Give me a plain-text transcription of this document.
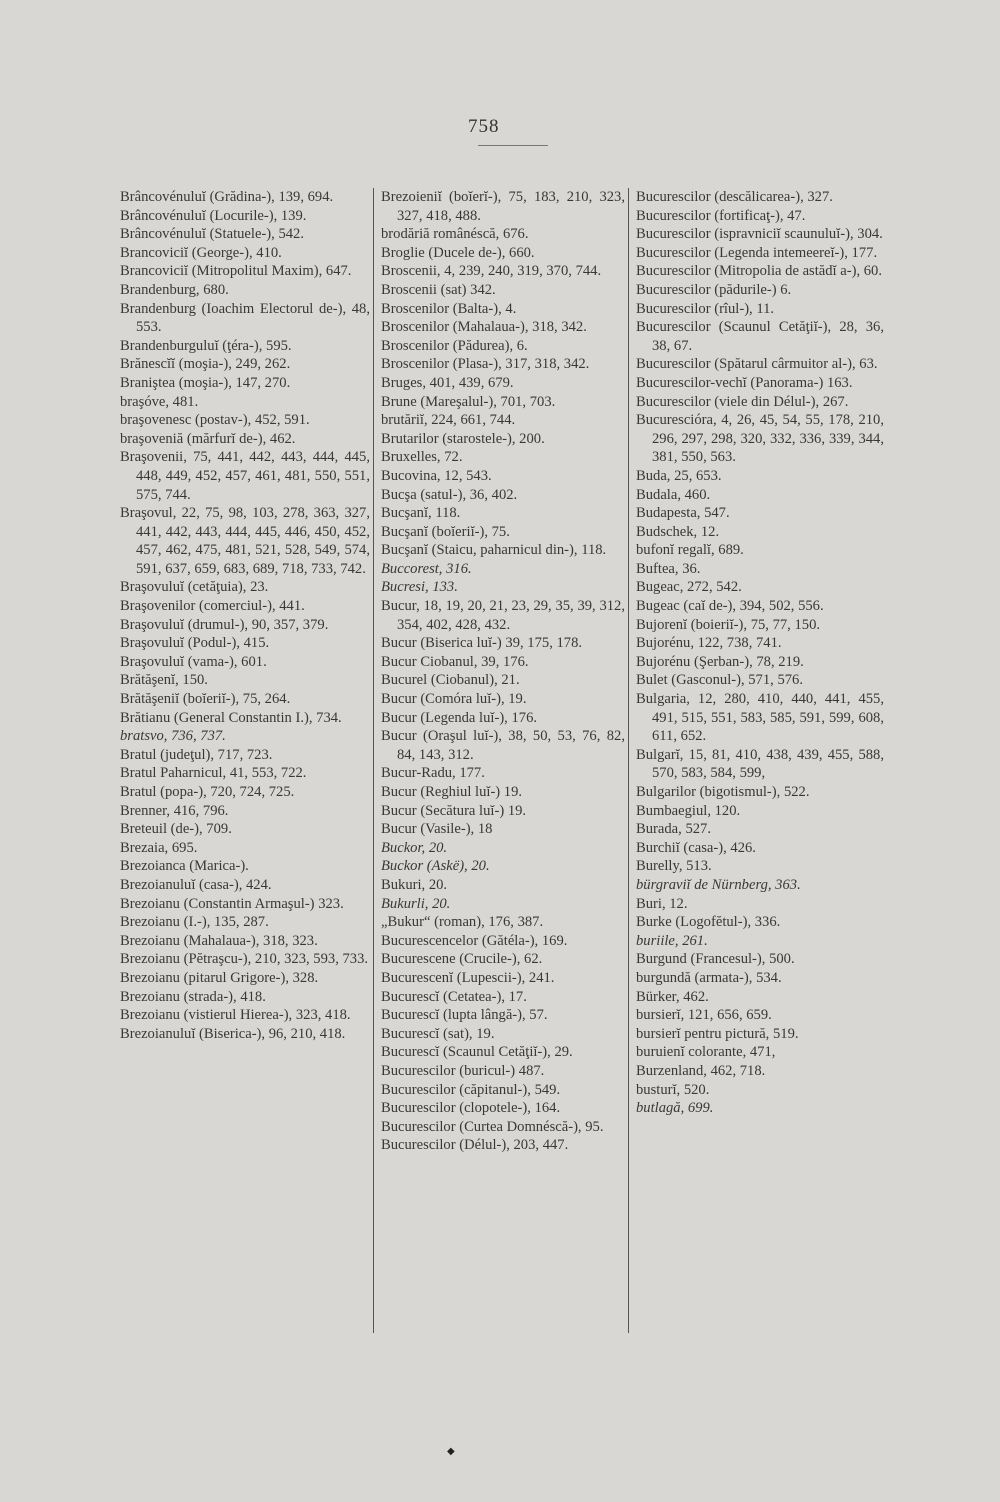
758
Brâncovénuluĭ (Grădina-), 139, 694.
Brâncovénuluĭ (Locurile-), 139.
Brâncovénuluĭ (Statuele-), 542.
Brancoviciĭ (George-), 410.
Brancoviciĭ (Mitropolitul Maxim), 647.
Brandenburg, 680.
Brandenburg (Ioachim Electorul de-), 48, 553.
Brandenburguluĭ (ţéra-), 595.
Brănescĭĭ (moşia-), 249, 262.
Branişteа (moşia-), 147, 270.
braşóve, 481.
braşovenesc (postav-), 452, 591.
braşoveniă (mărfurĭ de-), 462.
Braşovenii, 75, 441, 442, 443, 444, 445, 448, 449, 452, 457, 461, 481, 550, 551, 575, 744.
Braşovul, 22, 75, 98, 103, 278, 363, 327, 441, 442, 443, 444, 445, 446, 450, 452, 457, 462, 475, 481, 521, 528, 549, 574, 591, 637, 659, 683, 689, 718, 733, 742.
Braşovuluĭ (cetăţuia), 23.
Braşovenilor (comerciul-), 441.
Braşovuluĭ (drumul-), 90, 357, 379.
Braşovuluĭ (Podul-), 415.
Braşovuluĭ (vama-), 601.
Brătăşenĭ, 150.
Brătăşeniĭ (boĭeriĭ-), 75, 264.
Brătianu (General Constantin I.), 734.
bratsvo, 736, 737.
Bratul (judeţul), 717, 723.
Bratul Paharnicul, 41, 553, 722.
Bratul (popa-), 720, 724, 725.
Brenner, 416, 796.
Breteuil (de-), 709.
Brezaia, 695.
Brezoianca (Marica-).
Brezoianuluĭ (casa-), 424.
Brezoianu (Constantin Armaşul-) 323.
Brezoianu (I.-), 135, 287.
Brezoianu (Mahalaua-), 318, 323.
Brezoianu (Pĕtraşcu-), 210, 323, 593, 733.
Brezoianu (pitarul Grigore-), 328.
Brezoianu (strada-), 418.
Brezoianu (vistierul Hierea-), 323, 418.
Brezoianuluĭ (Biserica-), 96, 210, 418.
Brezoieniĭ (boĭerĭ-), 75, 183, 210, 323, 327, 418, 488.
brodăriă românéscă, 676.
Broglie (Ducele de-), 660.
Broscenii, 4, 239, 240, 319, 370, 744.
Broscenii (sat) 342.
Broscenilor (Balta-), 4.
Broscenilor (Mahalaua-), 318, 342.
Broscenilor (Pădurea), 6.
Broscenilor (Plasa-), 317, 318, 342.
Bruges, 401, 439, 679.
Brune (Mareşalul-), 701, 703.
brutăriĭ, 224, 661, 744.
Brutarilor (starostele-), 200.
Bruxelles, 72.
Bucovina, 12, 543.
Bucşa (satul-), 36, 402.
Bucşanĭ, 118.
Bucşanĭ (boĭeriĭ-), 75.
Bucşanĭ (Staicu, paharnicul din-), 118.
Buccorest, 316.
Bucresi, 133.
Bucur, 18, 19, 20, 21, 23, 29, 35, 39, 312, 354, 402, 428, 432.
Bucur (Biserica luĭ-) 39, 175, 178.
Bucur Ciobanul, 39, 176.
Bucurel (Ciobanul), 21.
Bucur (Comóra luĭ-), 19.
Bucur (Legenda luĭ-), 176.
Bucur (Oraşul luĭ-), 38, 50, 53, 76, 82, 84, 143, 312.
Bucur-Radu, 177.
Bucur (Reghiul luĭ-) 19.
Bucur (Secătura luĭ-) 19.
Bucur (Vasile-), 18
Buckor, 20.
Buckor (Askë), 20.
Bukuri, 20.
Bukurli, 20.
„Bukur“ (roman), 176, 387.
Bucurescencelor (Gătéla-), 169.
Bucurescene (Crucile-), 62.
Bucurescenĭ (Lupescii-), 241.
Bucurescĭ (Cetatea-), 17.
Bucurescĭ (lupta lângă-), 57.
Bucurescĭ (sat), 19.
Bucurescĭ (Scaunul Cetăţiĭ-), 29.
Bucurescilor (buricul-) 487.
Bucurescilor (căpitanul-), 549.
Bucurescilor (clopotele-), 164.
Bucurescilor (Curtea Domnéscă-), 95.
Bucurescilor (Délul-), 203, 447.
Bucurescilor (descălicarea-), 327.
Bucurescilor (fortificaţ-), 47.
Bucurescilor (ispravniciĭ scaunuluĭ-), 304.
Bucurescilor (Legenda intemeereĭ-), 177.
Bucurescilor (Mitropolia de astădĭ a-), 60.
Bucurescilor (pădurile-) 6.
Bucurescilor (rîul-), 11.
Bucurescilor (Scaunul Cetăţiĭ-), 28, 36, 38, 67.
Bucurescilor (Spătarul cârmuitor al-), 63.
Bucurescilor-vechĭ (Panorama-) 163.
Bucurescilor (viele din Délul-), 267.
Bucurescióra, 4, 26, 45, 54, 55, 178, 210, 296, 297, 298, 320, 332, 336, 339, 344, 381, 550, 563.
Buda, 25, 653.
Budala, 460.
Budapesta, 547.
Budschek, 12.
bufonĭ regalĭ, 689.
Buftea, 36.
Bugeac, 272, 542.
Bugeac (caĭ de-), 394, 502, 556.
Bujorenĭ (boieriĭ-), 75, 77, 150.
Bujorénu, 122, 738, 741.
Bujorénu (Şerban-), 78, 219.
Bulet (Gasconul-), 571, 576.
Bulgaria, 12, 280, 410, 440, 441, 455, 491, 515, 551, 583, 585, 591, 599, 608, 611, 652.
Bulgarĭ, 15, 81, 410, 438, 439, 455, 588, 570, 583, 584, 599,
Bulgarilor (bigotismul-), 522.
Bumbaegiul, 120.
Burada, 527.
Burchiĭ (casa-), 426.
Burelly, 513.
bürgraviĭ de Nürnberg, 363.
Buri, 12.
Burke (Logofĕtul-), 336.
buriile, 261.
Burgund (Francesul-), 500.
burgundă (armata-), 534.
Bürker, 462.
bursierĭ, 121, 656, 659.
bursierĭ pentru pictură, 519.
buruienĭ colorante, 471,
Burzenland, 462, 718.
busturĭ, 520.
butlagă, 699.
◆
